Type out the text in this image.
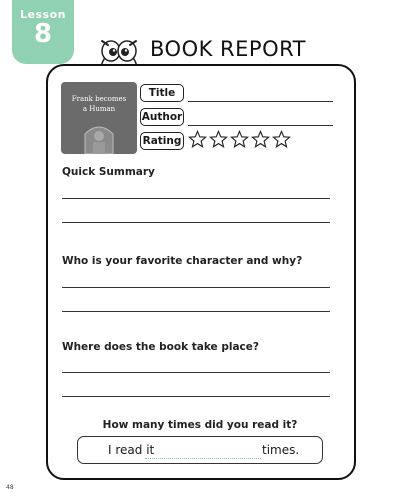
Lesson
8	BOOK REPORT
Frank becomes
a Human
Title
Author
Rating
Quick Summary
Who is your favorite character and why?
Where does the book take place?
How many times did you read it?
I read it	times.
48
